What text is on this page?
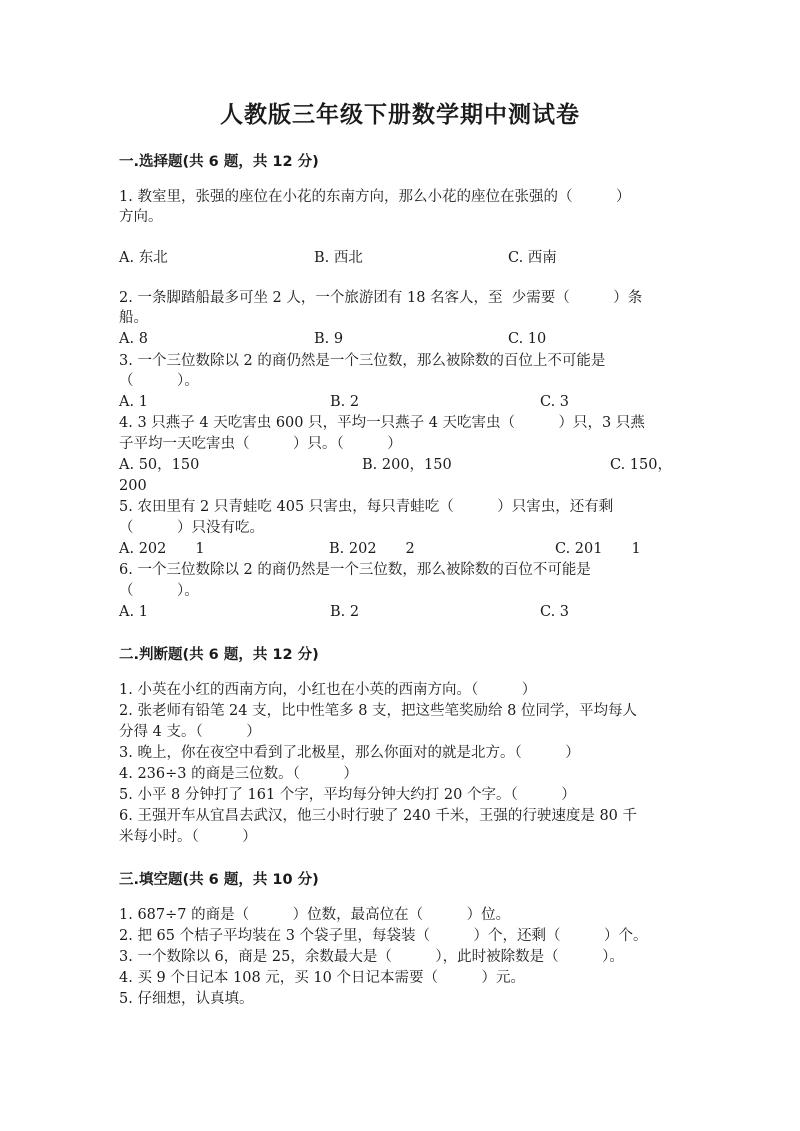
人教版三年级下册数学期中测试卷
一.选择题(共 6 题，共 12 分)
1. 教室里，张强的座位在小花的东南方向，那么小花的座位在张强的（　　　）
方向。
A. 东北	B. 西北	C. 西南
2. 一条脚踏船最多可坐 2 人，一个旅游团有 18 名客人，至  少需要（　　　）条
船。
A. 8	B. 9	C. 10
3. 一个三位数除以 2 的商仍然是一个三位数，那么被除数的百位上不可能是
（　　　）。
A. 1	B. 2	C. 3
4. 3 只燕子 4 天吃害虫 600 只，平均一只燕子 4 天吃害虫（　　　）只，3 只燕
子平均一天吃害虫（　　　）只。（　　　）
A. 50，150	B. 200，150	C. 150，
200
5. 农田里有 2 只青蛙吃 405 只害虫，每只青蛙吃（　　　）只害虫，还有剩
（　　　）只没有吃。
A. 202　　1	B. 202　　2	C. 201　　1
6. 一个三位数除以 2 的商仍然是一个三位数，那么被除数的百位不可能是
（　　　）。
A. 1	B. 2	C. 3
二.判断题(共 6 题，共 12 分)
1. 小英在小红的西南方向，小红也在小英的西南方向。（　　　）
2. 张老师有铅笔 24 支，比中性笔多 8 支，把这些笔奖励给 8 位同学，平均每人
分得 4 支。（　　　）
3. 晚上，你在夜空中看到了北极星，那么你面对的就是北方。（　　　）
4. 236÷3 的商是三位数。（　　　）
5. 小平 8 分钟打了 161 个字，平均每分钟大约打 20 个字。（　　　）
6. 王强开车从宜昌去武汉，他三小时行驶了 240 千米，王强的行驶速度是 80 千
米每小时。（　　　）
三.填空题(共 6 题，共 10 分)
1. 687÷7 的商是（　　　）位数，最高位在（　　　）位。
2. 把 65 个桔子平均装在 3 个袋子里，每袋装（　　　）个，还剩（　　　）个。
3. 一个数除以 6，商是 25，余数最大是（　　　），此时被除数是（　　　）。
4. 买 9 个日记本 108 元，买 10 个日记本需要（　　　）元。
5. 仔细想，认真填。
